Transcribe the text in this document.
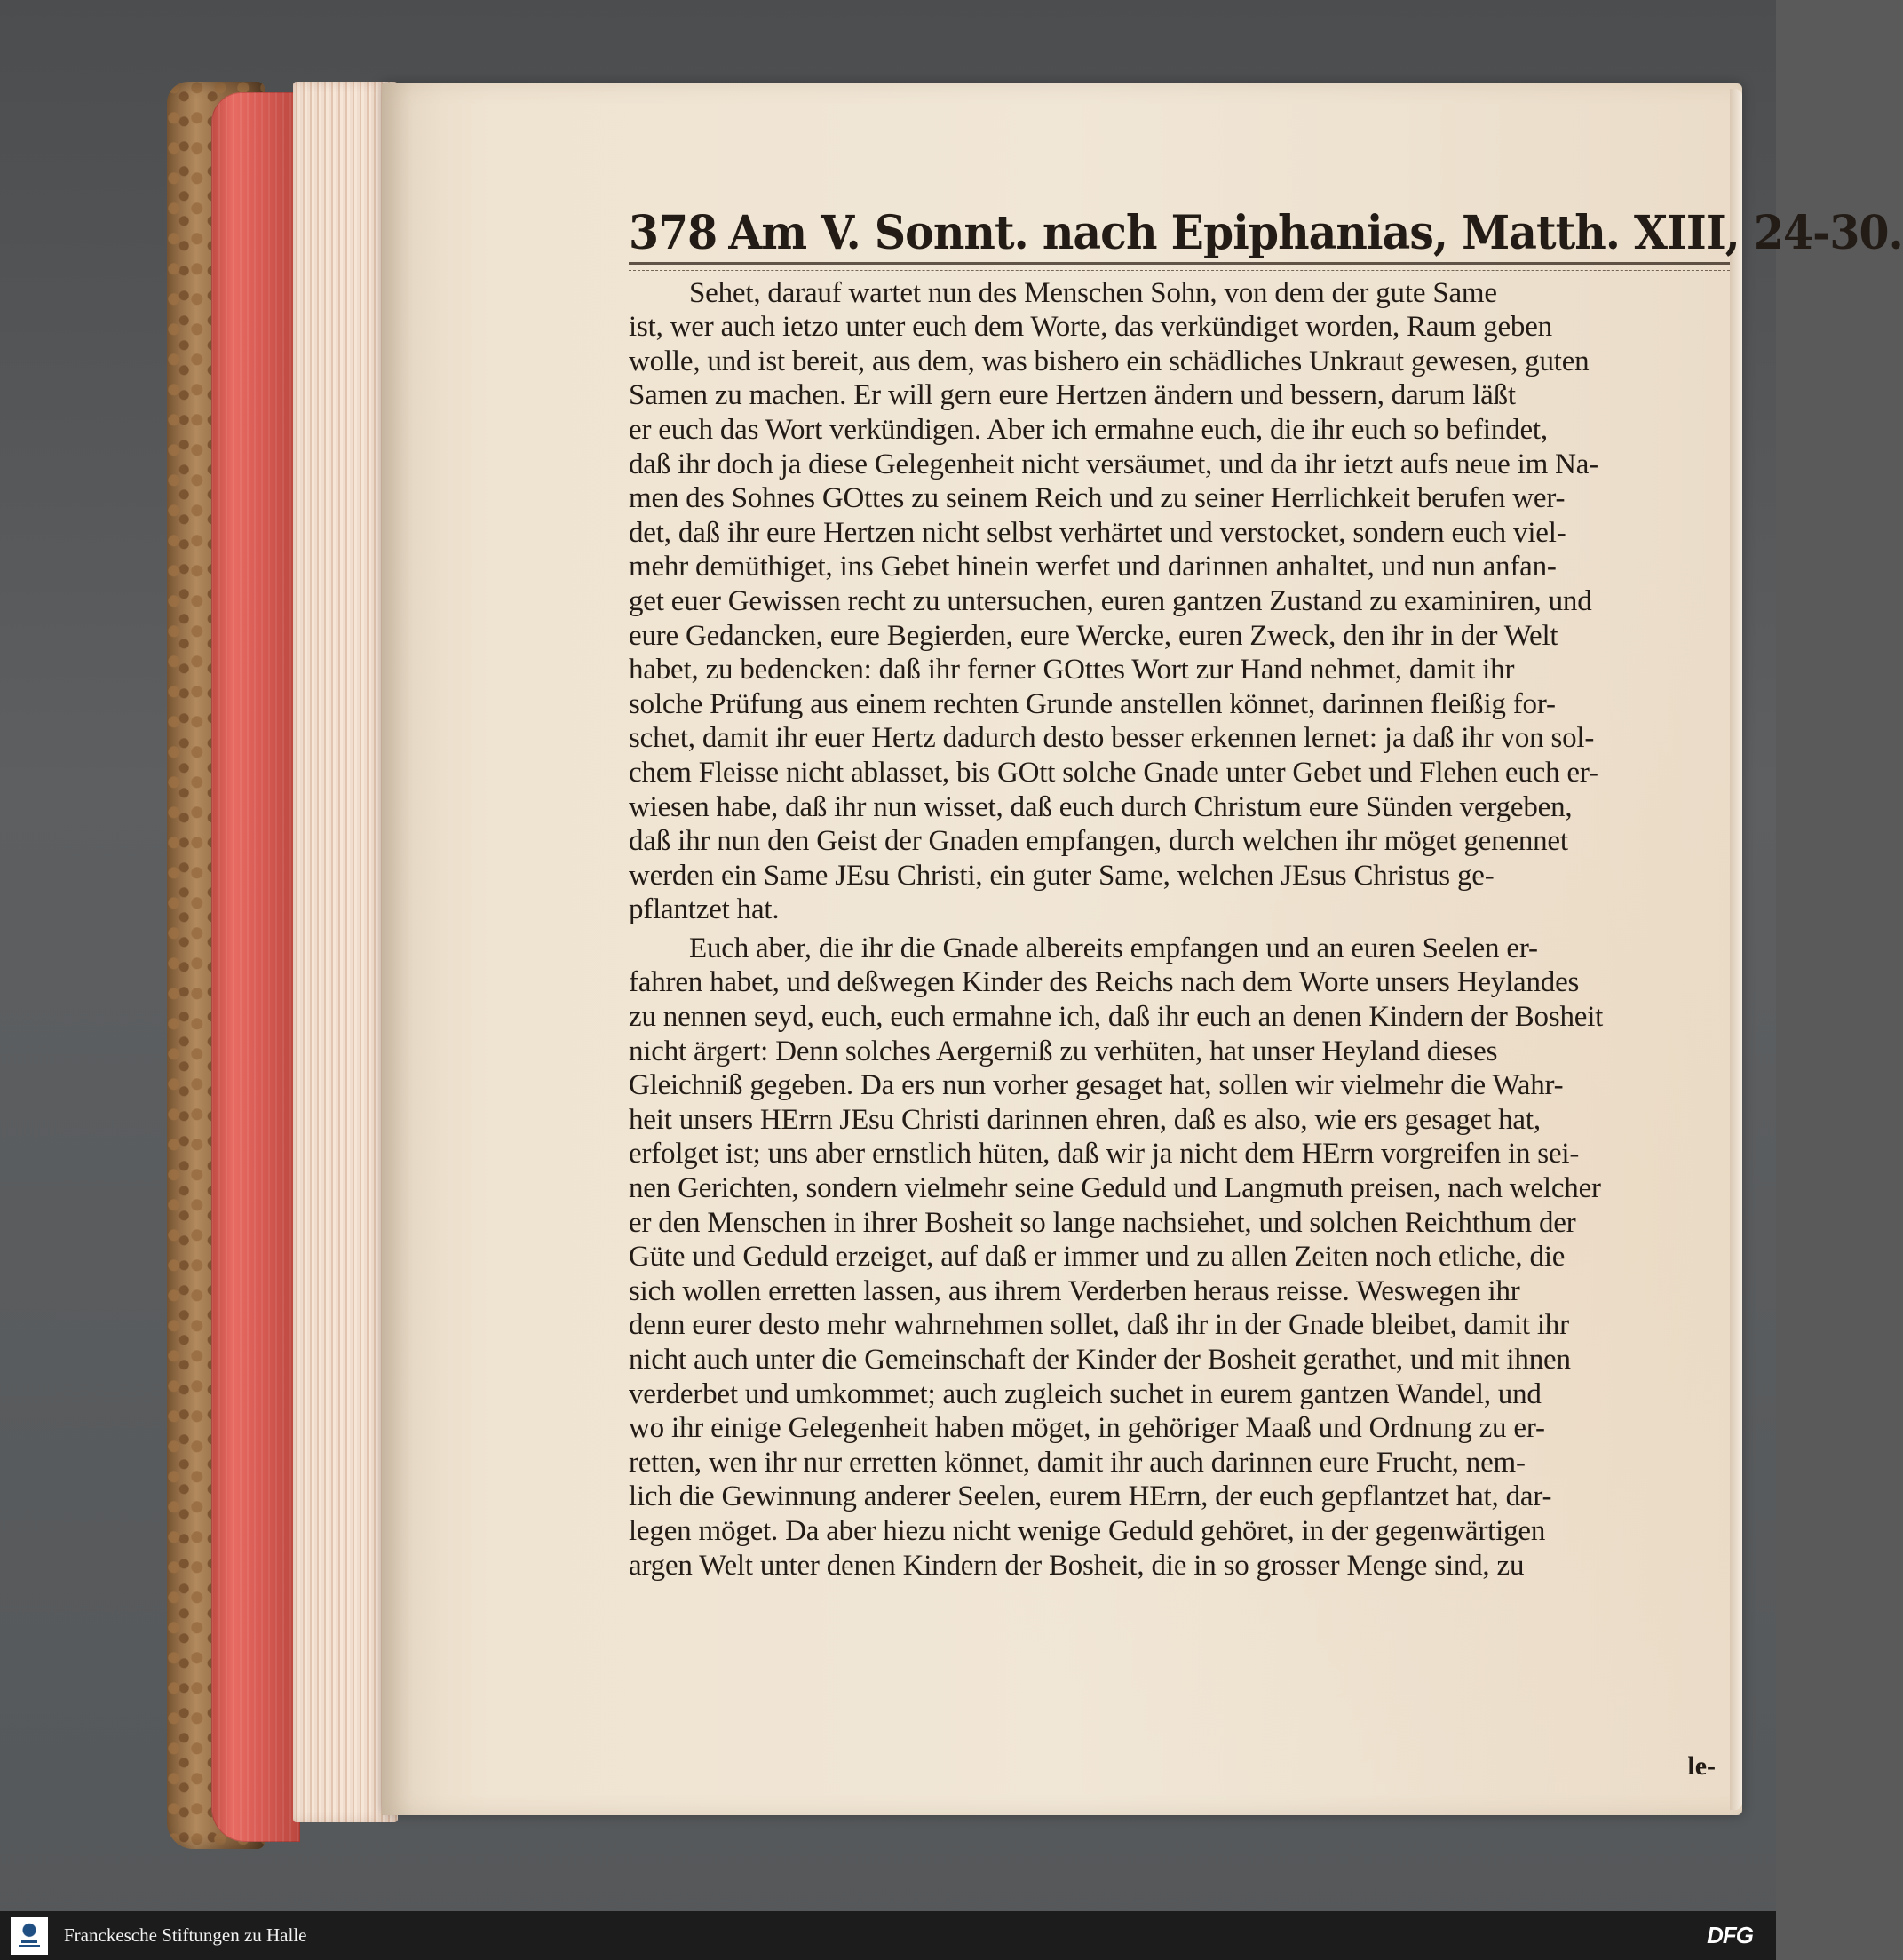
378 Am V. Sonnt. nach Epiphanias, Matth. XIII, 24-30.

Sehet, darauf wartet nun des Menschen Sohn, von dem der gute Same
ist, wer auch ietzo unter euch dem Worte, das verkündiget worden, Raum geben
wolle, und ist bereit, aus dem, was bishero ein schädliches Unkraut gewesen, guten
Samen zu machen. Er will gern eure Hertzen ändern und bessern, darum läßt
er euch das Wort verkündigen. Aber ich ermahne euch, die ihr euch so befindet,
daß ihr doch ja diese Gelegenheit nicht versäumet, und da ihr ietzt aufs neue im Na-
men des Sohnes GOttes zu seinem Reich und zu seiner Herrlichkeit berufen wer-
det, daß ihr eure Hertzen nicht selbst verhärtet und verstocket, sondern euch viel-
mehr demüthiget, ins Gebet hinein werfet und darinnen anhaltet, und nun anfan-
get euer Gewissen recht zu untersuchen, euren gantzen Zustand zu examiniren, und
eure Gedancken, eure Begierden, eure Wercke, euren Zweck, den ihr in der Welt
habet, zu bedencken: daß ihr ferner GOttes Wort zur Hand nehmet, damit ihr
solche Prüfung aus einem rechten Grunde anstellen könnet, darinnen fleißig for-
schet, damit ihr euer Hertz dadurch desto besser erkennen lernet: ja daß ihr von sol-
chem Fleisse nicht ablasset, bis GOtt solche Gnade unter Gebet und Flehen euch er-
wiesen habe, daß ihr nun wisset, daß euch durch Christum eure Sünden vergeben,
daß ihr nun den Geist der Gnaden empfangen, durch welchen ihr möget genennet
werden ein Same JEsu Christi, ein guter Same, welchen JEsus Christus ge-
pflantzet hat.

Euch aber, die ihr die Gnade albereits empfangen und an euren Seelen er-
fahren habet, und deßwegen Kinder des Reichs nach dem Worte unsers Heylandes
zu nennen seyd, euch, euch ermahne ich, daß ihr euch an denen Kindern der Bosheit
nicht ärgert: Denn solches Aergerniß zu verhüten, hat unser Heyland dieses
Gleichniß gegeben. Da ers nun vorher gesaget hat, sollen wir vielmehr die Wahr-
heit unsers HErrn JEsu Christi darinnen ehren, daß es also, wie ers gesaget hat,
erfolget ist; uns aber ernstlich hüten, daß wir ja nicht dem HErrn vorgreifen in sei-
nen Gerichten, sondern vielmehr seine Geduld und Langmuth preisen, nach welcher
er den Menschen in ihrer Bosheit so lange nachsiehet, und solchen Reichthum der
Güte und Geduld erzeiget, auf daß er immer und zu allen Zeiten noch etliche, die
sich wollen erretten lassen, aus ihrem Verderben heraus reisse. Weswegen ihr
denn eurer desto mehr wahrnehmen sollet, daß ihr in der Gnade bleibet, damit ihr
nicht auch unter die Gemeinschaft der Kinder der Bosheit gerathet, und mit ihnen
verderbet und umkommet; auch zugleich suchet in eurem gantzen Wandel, und
wo ihr einige Gelegenheit haben möget, in gehöriger Maaß und Ordnung zu er-
retten, wen ihr nur erretten könnet, damit ihr auch darinnen eure Frucht, nem-
lich die Gewinnung anderer Seelen, eurem HErrn, der euch gepflantzet hat, dar-
legen möget. Da aber hiezu nicht wenige Geduld gehöret, in der gegenwärtigen
argen Welt unter denen Kindern der Bosheit, die in so grosser Menge sind, zu

le-
Franckesche Stiftungen zu Halle	DFG
